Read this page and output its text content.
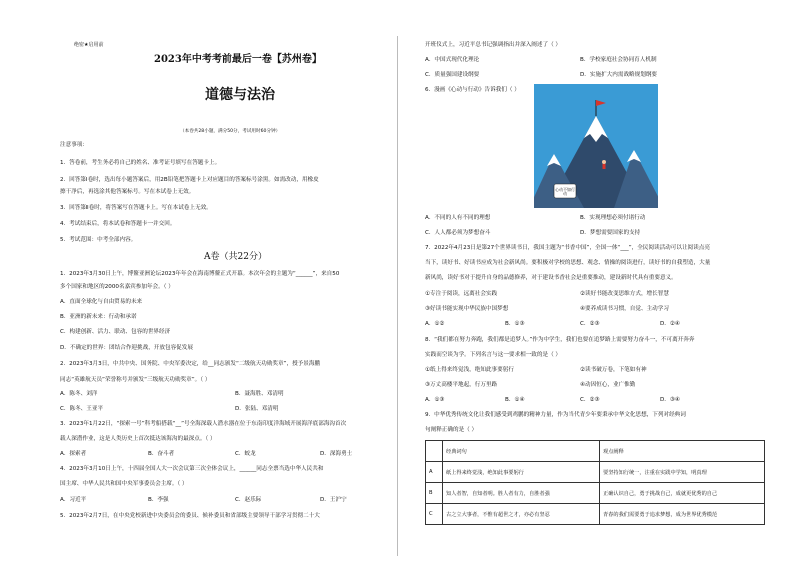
绝密★启用前
2023年中考考前最后一卷【苏州卷】
道德与法治
（本卷共28小题，满分50分，考试用时60分钟）
注意事项：
1．答卷前，考生务必将自己的姓名、准考证号填写在答题卡上。
2．回答第Ⅰ卷时，选出每小题答案后，用2B铅笔把答题卡上对应题目的答案标号涂黑。如需改动，用橡皮
擦干净后，再选涂其他答案标号。写在本试卷上无效。
3．回答第Ⅱ卷时，将答案写在答题卡上。写在本试卷上无效。
4．考试结束后，将本试卷和答题卡一并交回。
5．考试范围：中考全部内容。
A卷（共22分）
1．2023年3月30日上午，博鳌亚洲论坛2023年年会在海南博鳌正式开幕。本次年会的主题为“______”，来自50
多个国家和地区的2000名嘉宾参加年会。（ ）
A．直面全球化与自由贸易的未来
B．亚洲的新未来：行动和承诺
C．构建创新、活力、联动、包容的世界经济
D．不确定的世界：团结合作迎挑战，开放包容促发展
2．2023年3月3日，中共中央、国务院、中央军委决定，给__同志颁发“二级航天功勋奖章”，授予景海鹏
同志“英雄航天员”荣誉称号并颁发“三级航天功勋奖章”。（ ）
A．陈冬、刘洋	B．聂海胜、邓清明
C．陈冬、王亚平	D．张陆、邓清明
3．2023年1月22日，“探索一号”科考船搭载“__”号全海深载人潜水器在位于东南印度洋海域开展海洋底部海沟首次
载人深潜作业，这是人类历史上首次抵达该海沟的最深点。（ ）
A．探索者	B．奋斗者	C．蛟龙	D．深海勇士
4．2023年3月10日上午，十四届全国人大一次会议第三次全体会议上，______同志全票当选中华人民共和
国主席、中华人民共和国中央军事委员会主席。（ ）
A．习近平	B．李强	C．赵乐际	D．王沪宁
5．2023年2月7日，在中央党校新进中央委员会的委员、候补委员和省部级主要领导干部学习贯彻二十大
开班仪式上，习近平总书记强调指出并深入阐述了（ ）
A．中国式现代化理论	B．学校家庭社会协同育人机制
C．质量强国建设纲要	D．实施扩大内需战略规划纲要
6．漫画《心动与行动》告诉我们（ ）
心动不如行动
A．不同的人有不同的理想	B．实现理想必须付诸行动
C．人人都必须为梦想奋斗	D．梦想需要国家的支持
7．2022年4月23日是第27个世界读书日，我国主题为“书香中国”，全国一体“___”，全民阅读活动可以让阅读点亮
当下，读好书、好读书应成为社会新风尚。要积极对学校的思想、观念、情操的阅读进行，读好书的自我塑造，大量
新风尚，读好书对于提升自身的品德修养，对于建设书香社会是重要推动，建设新时代具有重要意义。
①专注于阅读，远离社会实践	②读好书能改变思维方式，增长智慧
③好读书能实现中华民族中国梦想	④要养成读书习惯，自觉、主动学习
A．①②	B．①③	C．②③	D．②④
8．“我们都在努力奔跑，我们都是追梦人。”作为中学生，我们也要在追梦路上需要努力奋斗一，不可离开奔奔
实践而空谈为学。下列名言与这一要求相一致的是（ ）
①纸上得来终觉浅，绝知此事要躬行	②读书破万卷，下笔如有神
③万丈高楼平地起，行万里路	④动因恒心，业广惟勤
A．①③	B．①④	C．②③	D．③④
9．中华优秀传统文化让我们感受到鸡鹏的精神力量，作为当代青少年要秉承中华文化思想，下列对经典词
句阐释正确的是（ ）
	经典词句	观点阐释
A	纸上得来终觉浅，绝知此事要躬行	要坚持知行统一，注重在实践中学知，明真理
B	知人者智，自知者明。胜人者有力，自胜者强	正确认识自己，勇于挑战自己，成就更优秀的自己
C	古之立大事者，不惟有超世之才，亦必有坚忍	青春的我们需要勇于追求梦想，成为世界优秀模范
